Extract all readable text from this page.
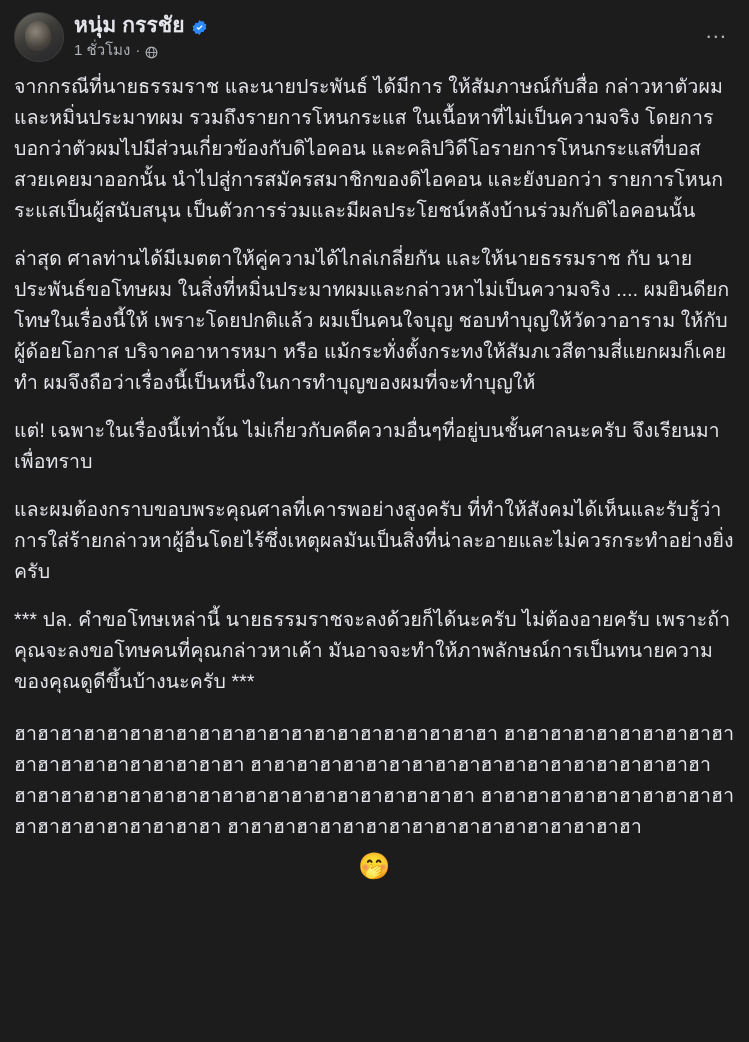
หนุ่ม กรรชัย
1 ชั่วโมง ·
...

จากกรณีที่นายธรรมราช และนายประพันธ์ ได้มีการ ให้สัมภาษณ์กับสื่อ กล่าวหาตัวผมและหมิ่นประมาทผม รวมถึงรายการโหนกระแส ในเนื้อหาที่ไม่เป็นความจริง โดยการบอกว่าตัวผมไปมีส่วนเกี่ยวข้องกับดิไอคอน และคลิปวิดีโอรายการโหนกระแสที่บอสสวยเคยมาออกนั้น นำไปสู่การสมัครสมาชิกของดิไอคอน และยังบอกว่า รายการโหนกระแสเป็นผู้สนับสนุน เป็นตัวการร่วมและมีผลประโยชน์หลังบ้านร่วมกับดิไอคอนนั้น

ล่าสุด ศาลท่านได้มีเมตตาให้คู่ความได้ไกล่เกลี่ยกัน และให้นายธรรมราช กับ นายประพันธ์ขอโทษผม ในสิ่งที่หมิ่นประมาทผมและกล่าวหาไม่เป็นความจริง .... ผมยินดียกโทษในเรื่องนี้ให้ เพราะโดยปกติแล้ว ผมเป็นคนใจบุญ ชอบทำบุญให้วัดวาอาราม ให้กับผู้ด้อยโอกาส บริจาคอาหารหมา หรือ แม้กระทั่งตั้งกระทงให้สัมภเวสีตามสี่แยกผมก็เคยทำ ผมจึงถือว่าเรื่องนี้เป็นหนึ่งในการทำบุญของผมที่จะทำบุญให้

แต่! เฉพาะในเรื่องนี้เท่านั้น ไม่เกี่ยวกับคดีความอื่นๆที่อยู่บนชั้นศาลนะครับ จึงเรียนมาเพื่อทราบ

และผมต้องกราบขอบพระคุณศาลที่เคารพอย่างสูงครับ ที่ทำให้สังคมได้เห็นและรับรู้ว่า การใส่ร้ายกล่าวหาผู้อื่นโดยไร้ซึ่งเหตุผลมันเป็นสิ่งที่น่าละอายและไม่ควรกระทำอย่างยิ่งครับ

*** ปล. คำขอโทษเหล่านี้ นายธรรมราชจะลงด้วยก็ได้นะครับ ไม่ต้องอายครับ เพราะถ้าคุณจะลงขอโทษคนที่คุณกล่าวหาเค้า มันอาจจะทำให้ภาพลักษณ์การเป็นทนายความของคุณดูดีขึ้นบ้างนะครับ ***

ฮาฮาฮาฮาฮาฮาฮาฮาฮาฮาฮาฮาฮาฮาฮาฮาฮาฮาฮาฮาฮา ฮาฮาฮาฮาฮาฮาฮาฮาฮาฮาฮาฮาฮาฮาฮาฮาฮาฮาฮาฮา ฮาฮาฮาฮาฮาฮาฮาฮาฮาฮาฮาฮาฮาฮาฮาฮาฮาฮาฮาฮา ฮาฮาฮาฮาฮาฮาฮาฮาฮาฮาฮาฮาฮาฮาฮาฮาฮาฮาฮาฮา ฮาฮาฮาฮาฮาฮาฮาฮาฮาฮาฮาฮาฮาฮาฮาฮาฮาฮาฮาฮา ฮาฮาฮาฮาฮาฮาฮาฮาฮาฮาฮาฮาฮาฮาฮาฮาฮาฮา

🤭
